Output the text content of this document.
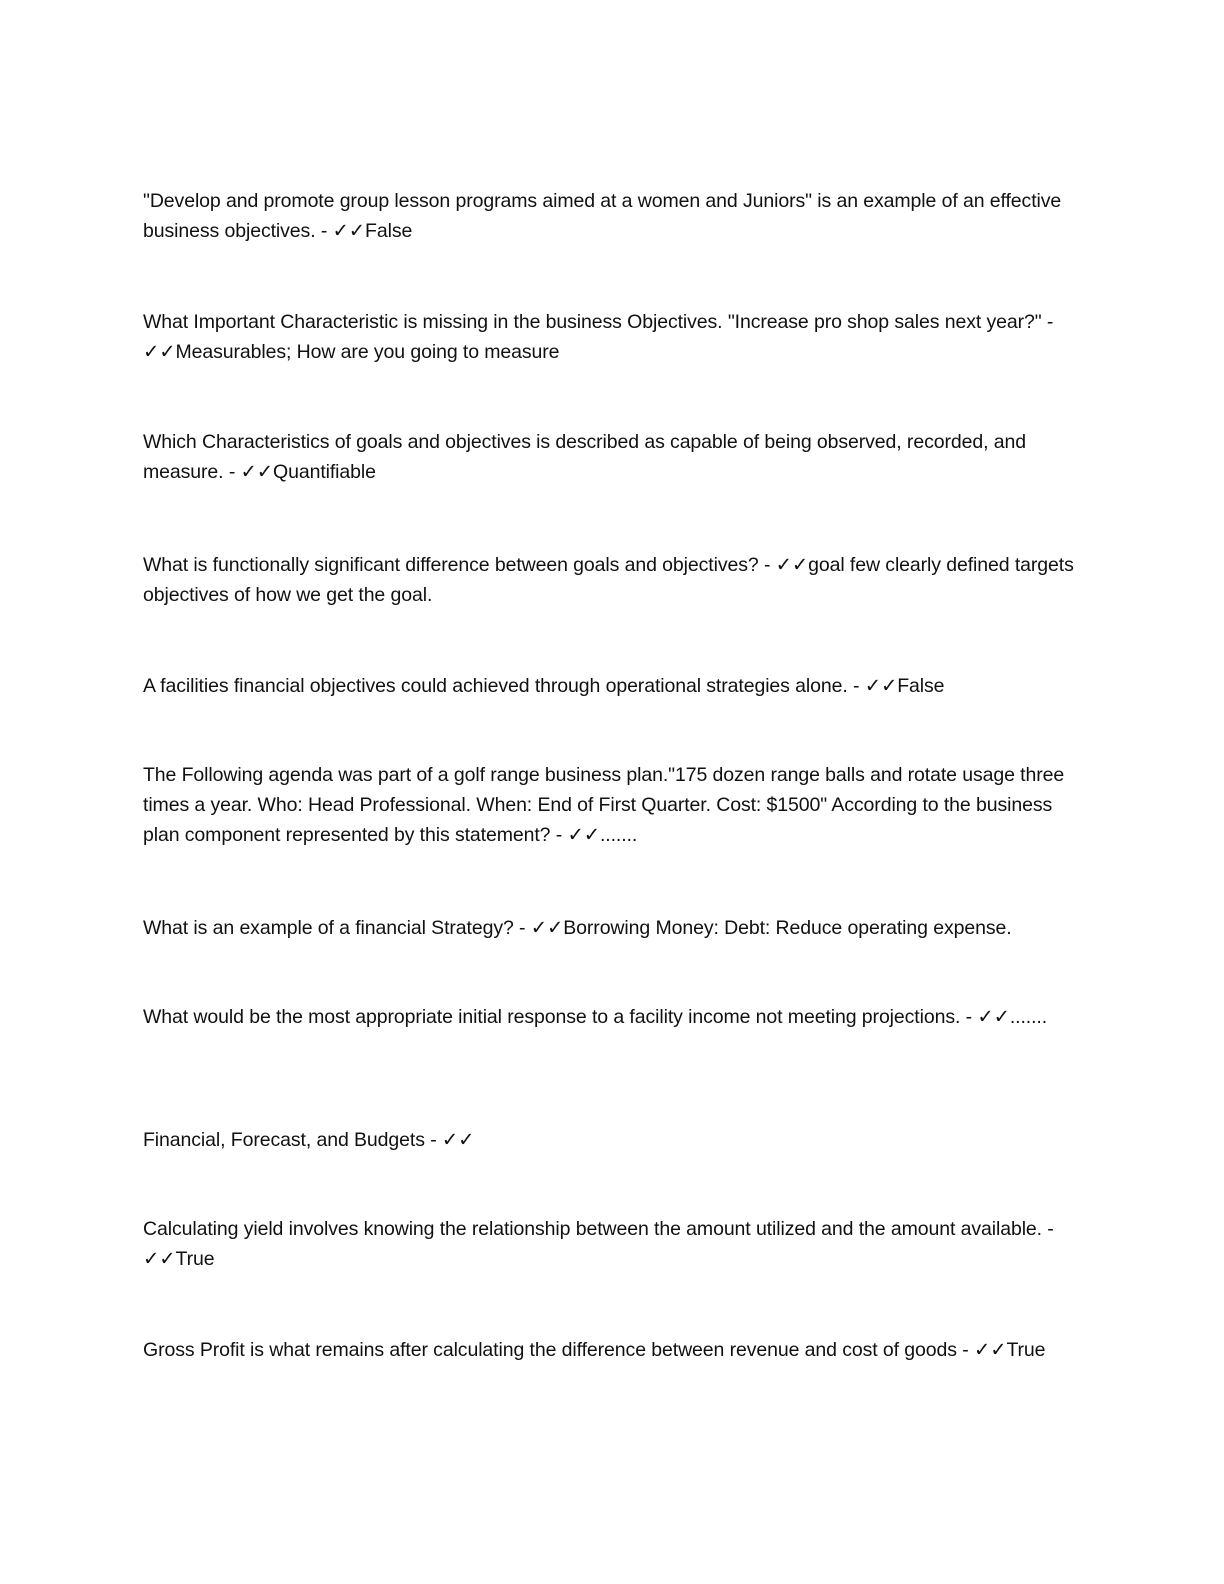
"Develop and promote group lesson programs aimed at a women and Juniors" is an example of an effective business objectives. - ✓✓False

What Important Characteristic is missing in the business Objectives. "Increase pro shop sales next year?" - ✓✓Measurables; How are you going to measure

Which Characteristics of goals and objectives is described as capable of being observed, recorded, and measure. - ✓✓Quantifiable

What is functionally significant difference between goals and objectives? - ✓✓goal few clearly defined targets objectives of how we get the goal.

A facilities financial objectives could achieved through operational strategies alone. - ✓✓False

The Following agenda was part of a golf range business plan."175 dozen range balls and rotate usage three times a year. Who: Head Professional. When: End of First Quarter. Cost: $1500" According to the business plan component represented by this statement? - ✓✓.......

What is an example of a financial Strategy? - ✓✓Borrowing Money: Debt: Reduce operating expense.

What would be the most appropriate initial response to a facility income not meeting projections. - ✓✓.......

Financial, Forecast, and Budgets - ✓✓

Calculating yield involves knowing the relationship between the amount utilized and the amount available. - ✓✓True

Gross Profit is what remains after calculating the difference between revenue and cost of goods - ✓✓True
